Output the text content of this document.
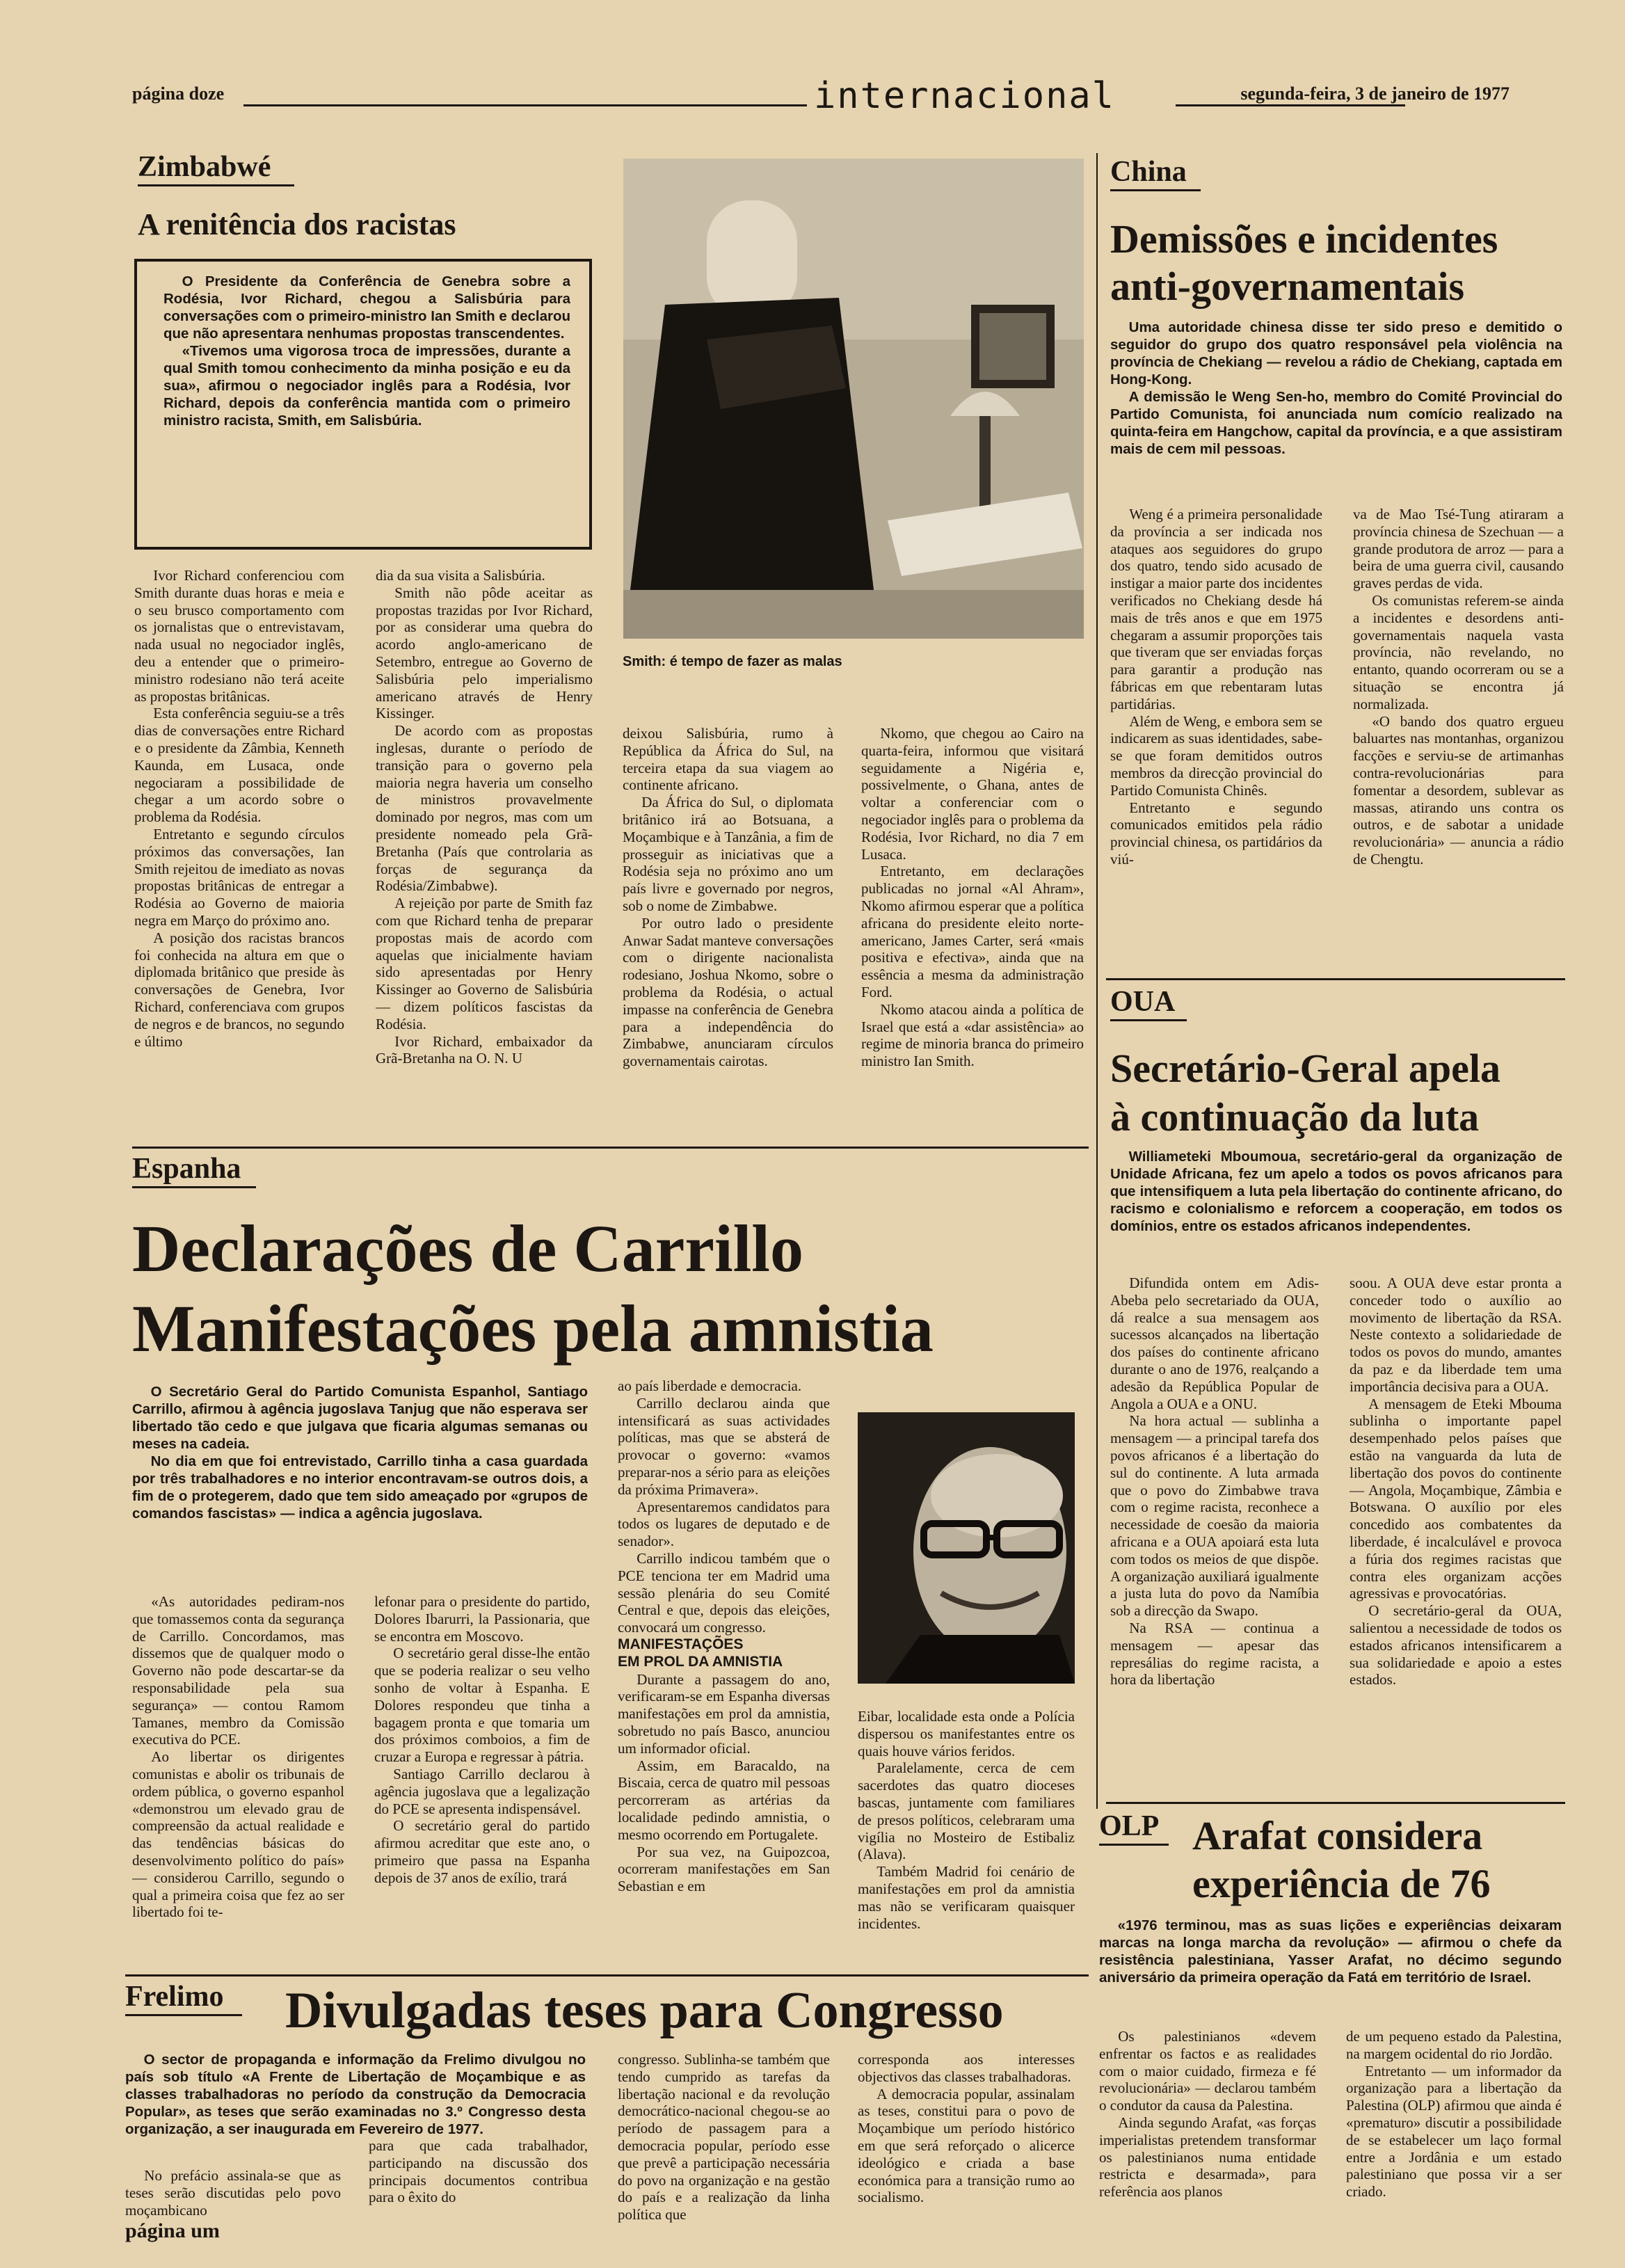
página doze	internacional	segunda-feira, 3 de janeiro de 1977
Zimbabwé
A renitência dos racistas

O Presidente da Conferência de Genebra sobre a Rodésia, Ivor Richard, chegou a Salisbúria para conversações com o primeiro-ministro Ian Smith e declarou que não apresentara nenhumas propostas transcendentes.

«Tivemos uma vigorosa troca de impressões, durante a qual Smith tomou conhecimento da minha posição e eu da sua», afirmou o negociador inglês para a Rodésia, Ivor Richard, depois da conferência mantida com o primeiro ministro racista, Smith, em Salisbúria.

Smith: é tempo de fazer as malas

Ivor Richard conferenciou com Smith durante duas horas e meia e o seu brusco comportamento com os jornalistas que o entrevistavam, nada usual no negociador inglês, deu a entender que o primeiro-ministro rodesiano não terá aceite as propostas britânicas.

Esta conferência seguiu-se a três dias de conversações entre Richard e o presidente da Zâmbia, Kenneth Kaunda, em Lusaca, onde negociaram a possibilidade de chegar a um acordo sobre o problema da Rodésia.

Entretanto e segundo círculos próximos das conversações, Ian Smith rejeitou de imediato as novas propostas britânicas de entregar a Rodésia ao Governo de maioria negra em Março do próximo ano.

A posição dos racistas brancos foi conhecida na altura em que o diplomada britânico que preside às conversações de Genebra, Ivor Richard, conferenciava com grupos de negros e de brancos, no segundo e último

dia da sua visita a Salisbúria.

Smith não pôde aceitar as propostas trazidas por Ivor Richard, por as considerar uma quebra do acordo anglo-americano de Setembro, entregue ao Governo de Salisbúria pelo imperialismo americano através de Henry Kissinger.

De acordo com as propostas inglesas, durante o período de transição para o governo pela maioria negra haveria um conselho de ministros provavelmente dominado por negros, mas com um presidente nomeado pela Grã-Bretanha (País que controlaria as forças de segurança da Rodésia/Zimbabwe).

A rejeição por parte de Smith faz com que Richard tenha de preparar propostas mais de acordo com aquelas que inicialmente haviam sido apresentadas por Henry Kissinger ao Governo de Salisbúria — dizem políticos fascistas da Rodésia.

Ivor Richard, embaixador da Grã-Bretanha na O. N. U

deixou Salisbúria, rumo à República da África do Sul, na terceira etapa da sua viagem ao continente africano.

Da África do Sul, o diplomata britânico irá ao Botsuana, a Moçambique e à Tanzânia, a fim de prosseguir as iniciativas que a Rodésia seja no próximo ano um país livre e governado por negros, sob o nome de Zimbabwe.

Por outro lado o presidente Anwar Sadat manteve conversações com o dirigente nacionalista rodesiano, Joshua Nkomo, sobre o problema da Rodésia, o actual impasse na conferência de Genebra para a independência do Zimbabwe, anunciaram círculos governamentais cairotas.

Nkomo, que chegou ao Cairo na quarta-feira, informou que visitará seguidamente a Nigéria e, possivelmente, o Ghana, antes de voltar a conferenciar com o negociador inglês para o problema da Rodésia, Ivor Richard, no dia 7 em Lusaca.

Entretanto, em declarações publicadas no jornal «Al Ahram», Nkomo afirmou esperar que a política africana do presidente eleito norte-americano, James Carter, será «mais positiva e efectiva», ainda que na essência a mesma da administração Ford.

Nkomo atacou ainda a política de Israel que está a «dar assistência» ao regime de minoria branca do primeiro ministro Ian Smith.

China
Demissões e incidentes
anti-governamentais

Uma autoridade chinesa disse ter sido preso e demitido o seguidor do grupo dos quatro responsável pela violência na província de Chekiang — revelou a rádio de Chekiang, captada em Hong-Kong.

A demissão le Weng Sen-ho, membro do Comité Provincial do Partido Comunista, foi anunciada num comício realizado na quinta-feira em Hangchow, capital da província, e a que assistiram mais de cem mil pessoas.

Weng é a primeira personalidade da província a ser indicada nos ataques aos seguidores do grupo dos quatro, tendo sido acusado de instigar a maior parte dos incidentes verificados no Chekiang desde há mais de três anos e que em 1975 chegaram a assumir proporções tais que tiveram que ser enviadas forças para garantir a produção nas fábricas em que rebentaram lutas partidárias.

Além de Weng, e embora sem se indicarem as suas identidades, sabe-se que foram demitidos outros membros da direcção provincial do Partido Comunista Chinês.

Entretanto e segundo comunicados emitidos pela rádio provincial chinesa, os partidários da viú-

va de Mao Tsé-Tung atiraram a província chinesa de Szechuan — a grande produtora de arroz — para a beira de uma guerra civil, causando graves perdas de vida.

Os comunistas referem-se ainda a incidentes e desordens anti-governamentais naquela vasta província, não revelando, no entanto, quando ocorreram ou se a situação se encontra já normalizada.

«O bando dos quatro ergueu baluartes nas montanhas, organizou facções e serviu-se de artimanhas contra-revolucionárias para fomentar a desordem, sublevar as massas, atirando uns contra os outros, e de sabotar a unidade revolucionária» — anuncia a rádio de Chengtu.

OUA
Secretário-Geral apela
à continuação da luta

Williameteki Mboumoua, secretário-geral da organização de Unidade Africana, fez um apelo a todos os povos africanos para que intensifiquem a luta pela libertação do continente africano, do racismo e colonialismo e reforcem a cooperação, em todos os domínios, entre os estados africanos independentes.

Difundida ontem em Adis-Abeba pelo secretariado da OUA, dá realce a sua mensagem aos sucessos alcançados na libertação dos países do continente africano durante o ano de 1976, realçando a adesão da República Popular de Angola a OUA e a ONU.

Na hora actual — sublinha a mensagem — a principal tarefa dos povos africanos é a libertação do sul do continente. A luta armada que o povo do Zimbabwe trava com o regime racista, reconhece a necessidade de coesão da maioria africana e a OUA apoiará esta luta com todos os meios de que dispõe. A organização auxiliará igualmente a justa luta do povo da Namíbia sob a direcção da Swapo.

Na RSA — continua a mensagem — apesar das represálias do regime racista, a hora da libertação

soou. A OUA deve estar pronta a conceder todo o auxílio ao movimento de libertação da RSA. Neste contexto a solidariedade de todos os povos do mundo, amantes da paz e da liberdade tem uma importância decisiva para a OUA.

A mensagem de Eteki Mbouma sublinha o importante papel desempenhado pelos países que estão na vanguarda da luta de libertação dos povos do continente — Angola, Moçambique, Zâmbia e Botswana. O auxílio por eles concedido aos combatentes da liberdade, é incalculável e provoca a fúria dos regimes racistas que contra eles organizam acções agressivas e provocatórias.

O secretário-geral da OUA, salientou a necessidade de todos os estados africanos intensificarem a sua solidariedade e apoio a estes estados.

OLP Arafat considera
experiência de 76

«1976 terminou, mas as suas lições e experiências deixaram marcas na longa marcha da revolução» — afirmou o chefe da resistência palestiniana, Yasser Arafat, no décimo segundo aniversário da primeira operação da Fatá em território de Israel.

Os palestinianos «devem enfrentar os factos e as realidades com o maior cuidado, firmeza e fé revolucionária» — declarou também o condutor da causa da Palestina.

Ainda segundo Arafat, «as forças imperialistas pretendem transformar os palestinianos numa entidade restricta e desarmada», para referência aos planos

de um pequeno estado da Palestina, na margem ocidental do rio Jordão.

Entretanto — um informador da organização para a libertação da Palestina (OLP) afirmou que ainda é «prematuro» discutir a possibilidade de se estabelecer um laço formal entre a Jordânia e um estado palestiniano que possa vir a ser criado.

Espanha
Declarações de Carrillo
Manifestações pela amnistia

O Secretário Geral do Partido Comunista Espanhol, Santiago Carrillo, afirmou à agência jugoslava Tanjug que não esperava ser libertado tão cedo e que julgava que ficaria algumas semanas ou meses na cadeia.

No dia em que foi entrevistado, Carrillo tinha a casa guardada por três trabalhadores e no interior encontravam-se outros dois, a fim de o protegerem, dado que tem sido ameaçado por «grupos de comandos fascistas» — indica a agência jugoslava.

«As autoridades pediram-nos que tomassemos conta da segurança de Carrillo. Concordamos, mas dissemos que de qualquer modo o Governo não pode descartar-se da responsabilidade pela sua segurança» — contou Ramom Tamanes, membro da Comissão executiva do PCE.

Ao libertar os dirigentes comunistas e abolir os tribunais de ordem pública, o governo espanhol «demonstrou um elevado grau de compreensão da actual realidade e das tendências básicas do desenvolvimento político do país» — considerou Carrillo, segundo o qual a primeira coisa que fez ao ser libertado foi te-

lefonar para o presidente do partido, Dolores Ibarurri, la Passionaria, que se encontra em Moscovo.

O secretário geral disse-lhe então que se poderia realizar o seu velho sonho de voltar à Espanha. E Dolores respondeu que tinha a bagagem pronta e que tomaria um dos próximos comboios, a fim de cruzar a Europa e regressar à pátria.

Santiago Carrillo declarou à agência jugoslava que a legalização do PCE se apresenta indispensável.

O secretário geral do partido afirmou acreditar que este ano, o primeiro que passa na Espanha depois de 37 anos de exílio, trará

ao país liberdade e democracia.

Carrillo declarou ainda que intensificará as suas actividades políticas, mas que se absterá de provocar o governo: «vamos preparar-nos a sério para as eleições da próxima Primavera».

Apresentaremos candidatos para todos os lugares de deputado e de senador».

Carrillo indicou também que o PCE tenciona ter em Madrid uma sessão plenária do seu Comité Central e que, depois das eleições, convocará um congresso.

MANIFESTAÇÕES

EM PROL DA AMNISTIA

Durante a passagem do ano, verificaram-se em Espanha diversas manifestações em prol da amnistia, sobretudo no país Basco, anunciou um informador oficial.

Assim, em Baracaldo, na Biscaia, cerca de quatro mil pessoas percorreram as artérias da localidade pedindo amnistia, o mesmo ocorrendo em Portugalete.

Por sua vez, na Guipozcoa, ocorreram manifestações em San Sebastian e em

Eibar, localidade esta onde a Polícia dispersou os manifestantes entre os quais houve vários feridos.

Paralelamente, cerca de cem sacerdotes das quatro dioceses bascas, juntamente com familiares de presos políticos, celebraram uma vigília no Mosteiro de Estibaliz (Alava).

Também Madrid foi cenário de manifestações em prol da amnistia mas não se verificaram quaisquer incidentes.

Frelimo Divulgadas teses para Congresso

O sector de propaganda e informação da Frelimo divulgou no país sob título «A Frente de Libertação de Moçambique e as classes trabalhadoras no período da construção da Democracia Popular», as teses que serão examinadas no 3.º Congresso desta organização, a ser inaugurada em Fevereiro de 1977.

No prefácio assinala-se que as teses serão discutidas pelo povo moçambicano

página um

para que cada trabalhador, participando na discussão dos principais documentos contribua para o êxito do

congresso. Sublinha-se também que tendo cumprido as tarefas da libertação nacional e da revolução democrático-nacional chegou-se ao período de passagem para a democracia popular, período esse que prevê a participação necessária do povo na organização e na gestão do país e a realização da linha política que

corresponda aos interesses objectivos das classes trabalhadoras.

A democracia popular, assinalam as teses, constitui para o povo de Moçambique um período histórico em que será reforçado o alicerce ideológico e criada a base económica para a transição rumo ao socialismo.
